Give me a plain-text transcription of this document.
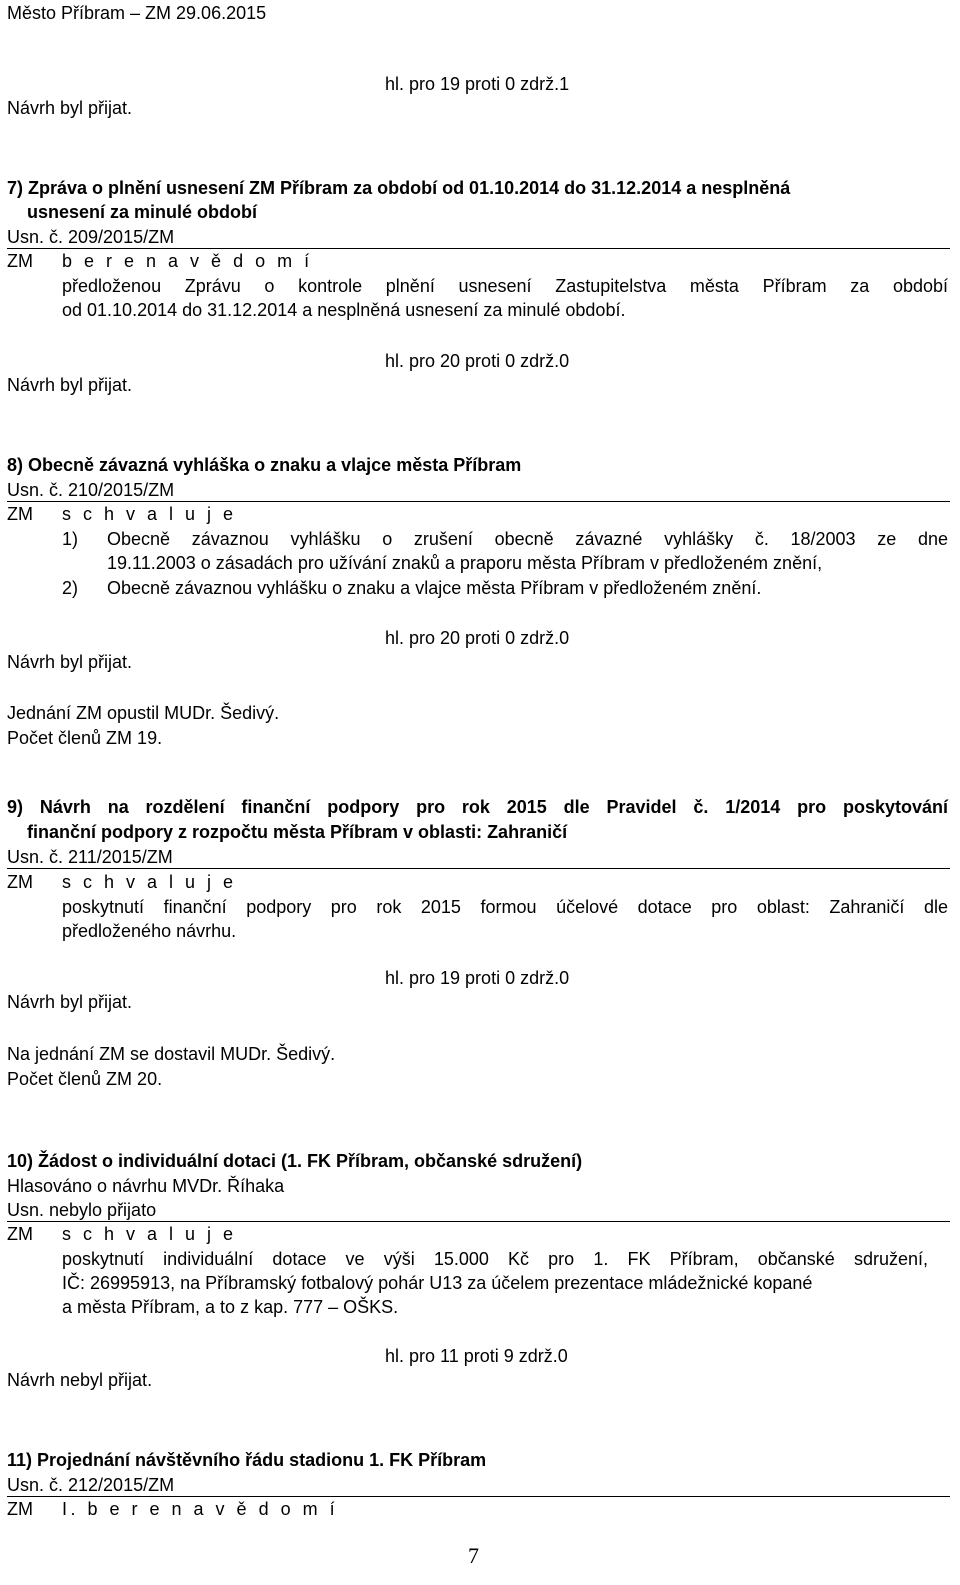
Město Příbram – ZM 29.06.2015
hl. pro 19 proti 0 zdrž.1
Návrh byl přijat.
7) Zpráva o plnění usnesení ZM Příbram za období od 01.10.2014 do 31.12.2014 a nesplněná
usnesení za minulé období
Usn. č. 209/2015/ZM
ZM b e r e n a v ě d o m í
předloženou Zprávu o kontrole plnění usnesení Zastupitelstva města Příbram za období
od 01.10.2014 do 31.12.2014 a nesplněná usnesení za minulé období.
hl. pro 20 proti 0 zdrž.0
Návrh byl přijat.
8) Obecně závazná vyhláška o znaku a vlajce města Příbram
Usn. č. 210/2015/ZM
ZM s c h v a l u j e
1) Obecně závaznou vyhlášku o zrušení obecně závazné vyhlášky č. 18/2003 ze dne
19.11.2003 o zásadách pro užívání znaků a praporu města Příbram v předloženém znění,
2) Obecně závaznou vyhlášku o znaku a vlajce města Příbram v předloženém znění.
hl. pro 20 proti 0 zdrž.0
Návrh byl přijat.
Jednání ZM opustil MUDr. Šedivý.
Počet členů ZM 19.
9) Návrh na rozdělení finanční podpory pro rok 2015 dle Pravidel č. 1/2014 pro poskytování
finanční podpory z rozpočtu města Příbram v oblasti: Zahraničí
Usn. č. 211/2015/ZM
ZM s c h v a l u j e
poskytnutí finanční podpory pro rok 2015 formou účelové dotace pro oblast: Zahraničí dle
předloženého návrhu.
hl. pro 19 proti 0 zdrž.0
Návrh byl přijat.
Na jednání ZM se dostavil MUDr. Šedivý.
Počet členů ZM 20.
10) Žádost o individuální dotaci (1. FK Příbram, občanské sdružení)
Hlasováno o návrhu MVDr. Říhaka
Usn. nebylo přijato
ZM s c h v a l u j e
poskytnutí individuální dotace ve výši 15.000 Kč pro 1. FK Příbram, občanské sdružení,
IČ: 26995913, na Příbramský fotbalový pohár U13 za účelem prezentace mládežnické kopané
a města Příbram, a to z kap. 777 – OŠKS.
hl. pro 11 proti 9 zdrž.0
Návrh nebyl přijat.
11) Projednání návštěvního řádu stadionu 1. FK Příbram
Usn. č. 212/2015/ZM
ZM I. b e r e n a v ě d o m í
7
